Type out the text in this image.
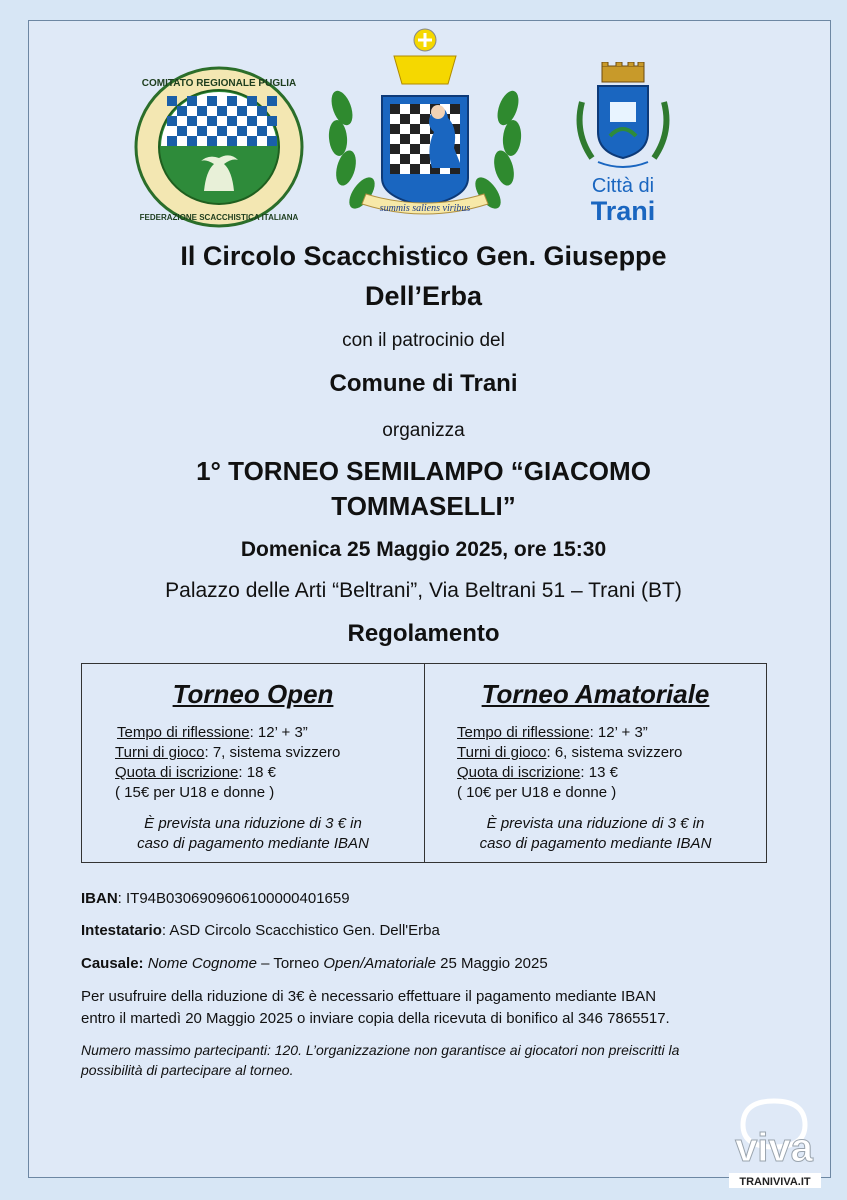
COMITATO REGIONALE PUGLIA
FEDERAZIONE SCACCHISTICA ITALIANA
summis saliens viribus
Città di
Trani
Il Circolo Scacchistico Gen. Giuseppe
Dell’Erba
con il patrocinio del
Comune di Trani
organizza
1° TORNEO SEMILAMPO “GIACOMO
TOMMASELLI”
Domenica 25 Maggio 2025, ore 15:30
Palazzo delle Arti “Beltrani”, Via Beltrani 51 – Trani (BT)
Regolamento
Torneo Open
Tempo di riflessione: 12’ + 3”
Turni di gioco: 7, sistema svizzero
Quota di iscrizione: 18 €
( 15€ per U18 e donne )
È prevista una riduzione di 3 € in
caso di pagamento mediante IBAN
Torneo Amatoriale
Tempo di riflessione: 12’ + 3”
Turni di gioco: 6, sistema svizzero
Quota di iscrizione: 13 €
( 10€ per U18 e donne )
È prevista una riduzione di 3 € in
caso di pagamento mediante IBAN
IBAN: IT94B0306909606100000401659
Intestatario: ASD Circolo Scacchistico Gen. Dell'Erba
Causale: Nome Cognome – Torneo Open/Amatoriale 25 Maggio 2025
Per usufruire della riduzione di 3€ è necessario effettuare il pagamento mediante IBAN
entro il martedì 20 Maggio 2025 o inviare copia della ricevuta di bonifico al 346 7865517.
Numero massimo partecipanti: 120. L’organizzazione non garantisce ai giocatori non preiscritti la
possibilità di partecipare al torneo.
viva
TRANIVIVA.IT
